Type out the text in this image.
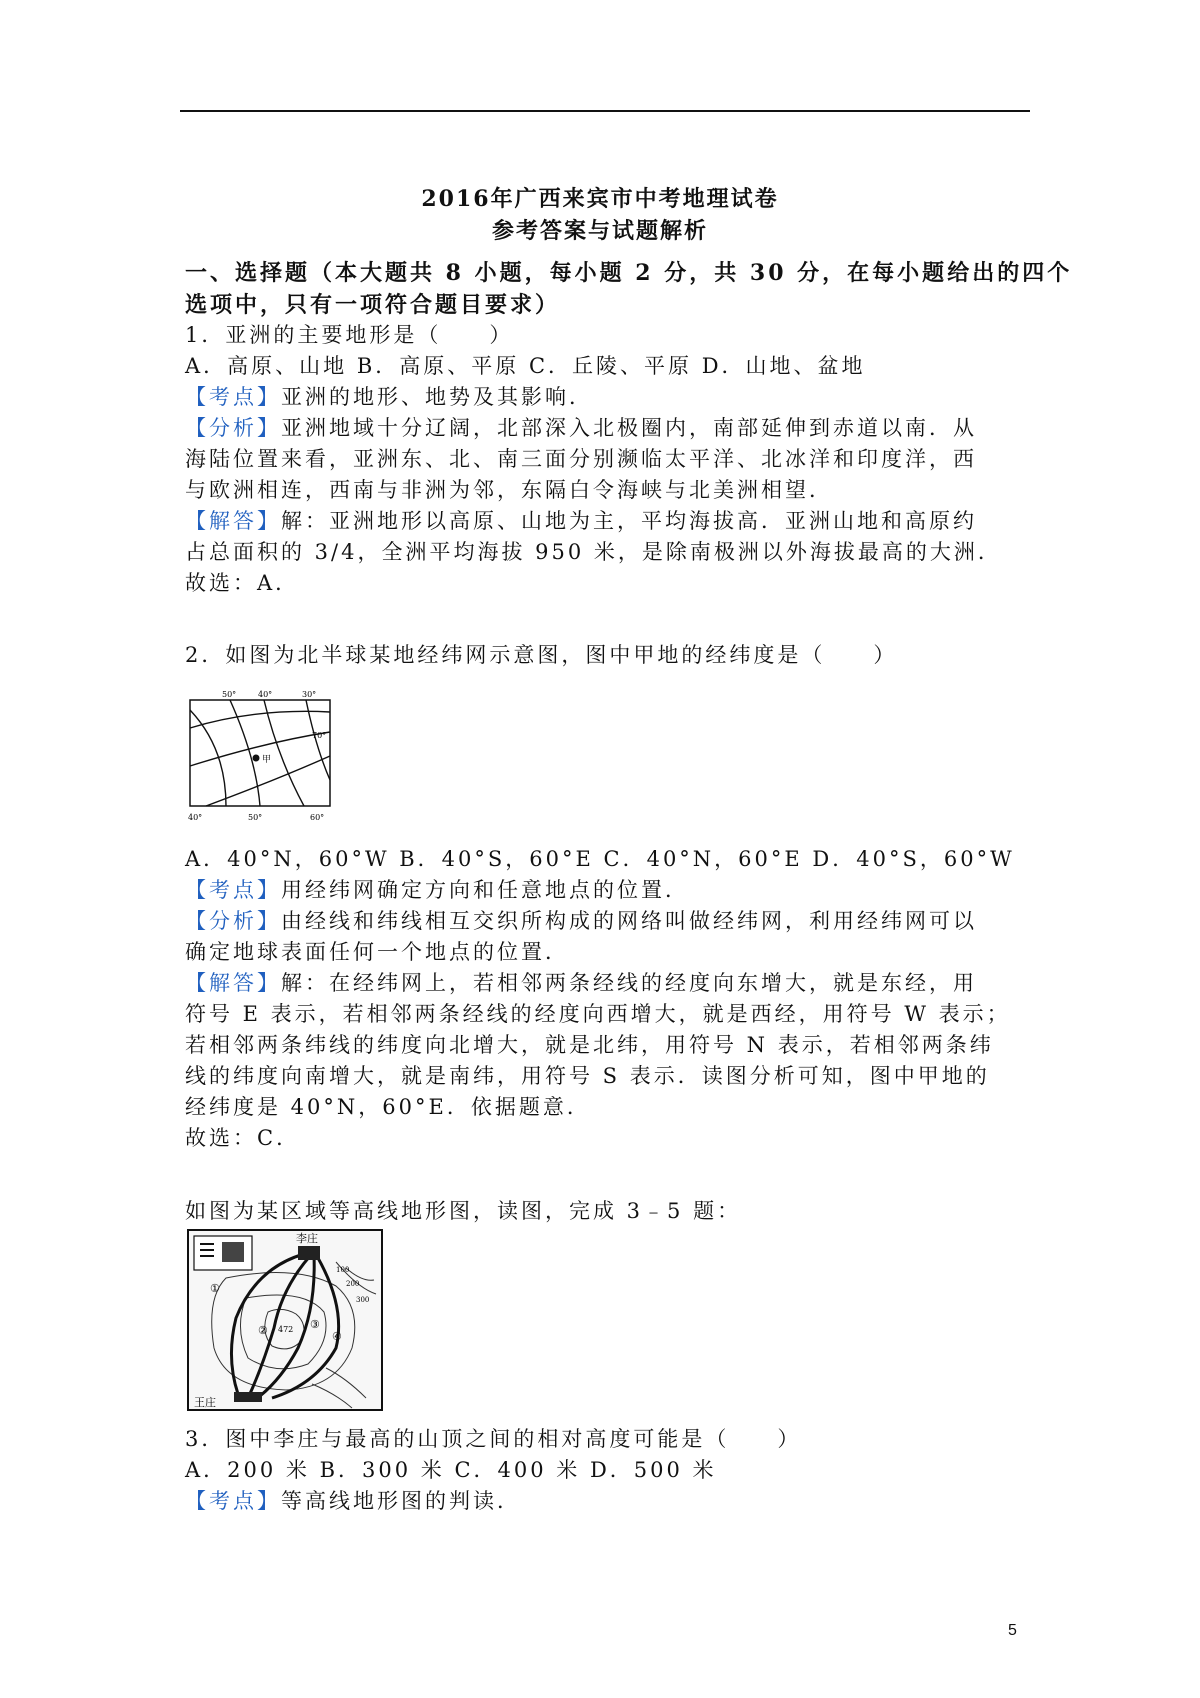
2016年广西来宾市中考地理试卷
参考答案与试题解析
一、选择题（本大题共 8 小题，每小题 2 分，共 30 分，在每小题给出的四个
选项中，只有一项符合题目要求）
1．亚洲的主要地形是（　　）
A．高原、山地 B．高原、平原 C．丘陵、平原 D．山地、盆地
【考点】亚洲的地形、地势及其影响．
【分析】亚洲地域十分辽阔，北部深入北极圈内，南部延伸到赤道以南．从
海陆位置来看，亚洲东、北、南三面分别濒临太平洋、北冰洋和印度洋，西
与欧洲相连，西南与非洲为邻，东隔白令海峡与北美洲相望．
【解答】解：亚洲地形以高原、山地为主，平均海拔高．亚洲山地和高原约
占总面积的 3/4，全洲平均海拔 950 米，是除南极洲以外海拔最高的大洲．
故选：A．
2．如图为北半球某地经纬网示意图，图中甲地的经纬度是（　　）
甲
50°	40°	30°
70°
40°	50°	60°
A．40°N，60°W B．40°S，60°E C．40°N，60°E D．40°S，60°W
【考点】用经纬网确定方向和任意地点的位置．
【分析】由经线和纬线相互交织所构成的网络叫做经纬网，利用经纬网可以
确定地球表面任何一个地点的位置．
【解答】解：在经纬网上，若相邻两条经线的经度向东增大，就是东经，用
符号 E 表示，若相邻两条经线的经度向西增大，就是西经，用符号 W 表示；
若相邻两条纬线的纬度向北增大，就是北纬，用符号 N 表示，若相邻两条纬
线的纬度向南增大，就是南纬，用符号 S 表示．读图分析可知，图中甲地的
经纬度是 40°N，60°E．依据题意．
故选：C．
如图为某区域等高线地形图，读图，完成 3﹣5 题：
李庄
王庄
①
②	③
④
472
100
200
300
3．图中李庄与最高的山顶之间的相对高度可能是（　　）
A．200 米 B．300 米 C．400 米 D．500 米
【考点】等高线地形图的判读．
5
